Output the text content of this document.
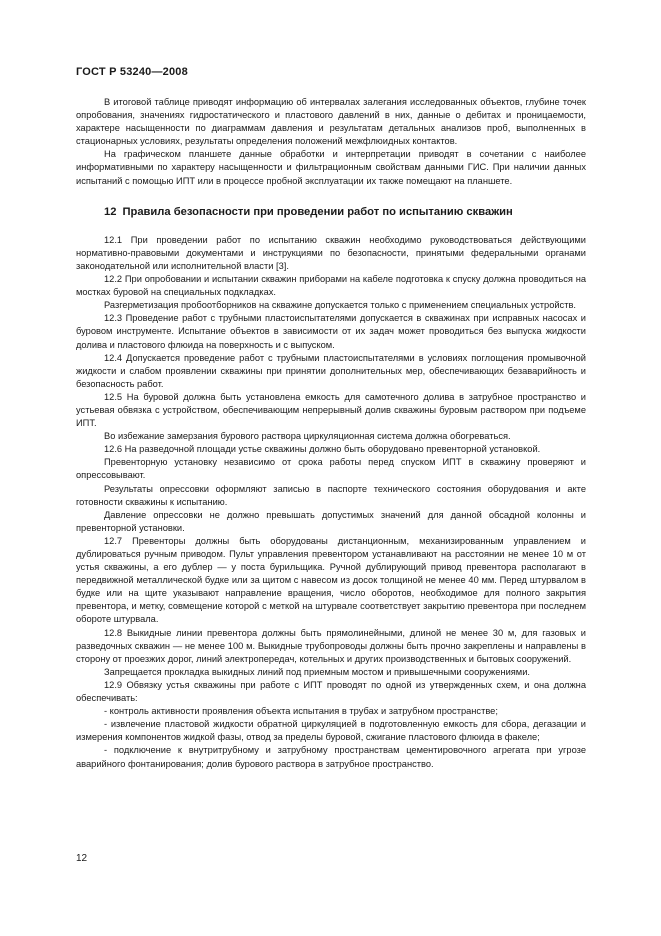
ГОСТ Р 53240—2008

В итоговой таблице приводят информацию об интервалах залегания исследованных объектов, глубине точек опробования, значениях гидростатического и пластового давлений в них, данные о дебитах и проницаемости, характере насыщенности по диаграммам давления и результатам детальных анализов проб, выполненных в стационарных условиях, результаты определения положений межфлюидных контактов.

На графическом планшете данные обработки и интерпретации приводят в сочетании с наиболее информативными по характеру насыщенности и фильтрационным свойствам данными ГИС. При наличии данных испытаний с помощью ИПТ или в процессе пробной эксплуатации их также помещают на планшете.

12 Правила безопасности при проведении работ по испытанию скважин

12.1 При проведении работ по испытанию скважин необходимо руководствоваться действующими нормативно-правовыми документами и инструкциями по безопасности, принятыми федеральными органами законодательной или исполнительной власти [3].

12.2 При опробовании и испытании скважин приборами на кабеле подготовка к спуску должна проводиться на мостках буровой на специальных подкладках.

Разгерметизация пробоотборников на скважине допускается только с применением специальных устройств.

12.3 Проведение работ с трубными пластоиспытателями допускается в скважинах при исправных насосах и буровом инструменте. Испытание объектов в зависимости от их задач может проводиться без выпуска жидкости долива и пластового флюида на поверхность и с выпуском.

12.4 Допускается проведение работ с трубными пластоиспытателями в условиях поглощения промывочной жидкости и слабом проявлении скважины при принятии дополнительных мер, обеспечивающих безаварийность и безопасность работ.

12.5 На буровой должна быть установлена емкость для самотечного долива в затрубное пространство и устьевая обвязка с устройством, обеспечивающим непрерывный долив скважины буровым раствором при подъеме ИПТ.

Во избежание замерзания бурового раствора циркуляционная система должна обогреваться.

12.6 На разведочной площади устье скважины должно быть оборудовано превенторной установкой.

Превенторную установку независимо от срока работы перед спуском ИПТ в скважину проверяют и опрессовывают.

Результаты опрессовки оформляют записью в паспорте технического состояния оборудования и акте готовности скважины к испытанию.

Давление опрессовки не должно превышать допустимых значений для данной обсадной колонны и превенторной установки.

12.7 Превенторы должны быть оборудованы дистанционным, механизированным управлением и дублироваться ручным приводом. Пульт управления превентором устанавливают на расстоянии не менее 10 м от устья скважины, а его дублер — у поста бурильщика. Ручной дублирующий привод превентора располагают в передвижной металлической будке или за щитом с навесом из досок толщиной не менее 40 мм. Перед штурвалом в будке или на щите указывают направление вращения, число оборотов, необходимое для полного закрытия превентора, и метку, совмещение которой с меткой на штурвале соответствует закрытию превентора при последнем обороте штурвала.

12.8 Выкидные линии превентора должны быть прямолинейными, длиной не менее 30 м, для газовых и разведочных скважин — не менее 100 м. Выкидные трубопроводы должны быть прочно закреплены и направлены в сторону от проезжих дорог, линий электропередач, котельных и других производственных и бытовых сооружений.

Запрещается прокладка выкидных линий под приемным мостом и привышечными сооружениями.

12.9 Обвязку устья скважины при работе с ИПТ проводят по одной из утвержденных схем, и она должна обеспечивать:

- контроль активности проявления объекта испытания в трубах и затрубном пространстве;

- извлечение пластовой жидкости обратной циркуляцией в подготовленную емкость для сбора, дегазации и измерения компонентов жидкой фазы, отвод за пределы буровой, сжигание пластового флюида в факеле;

- подключение к внутритрубному и затрубному пространствам цементировочного агрегата при угрозе аварийного фонтанирования; долив бурового раствора в затрубное пространство.

12
